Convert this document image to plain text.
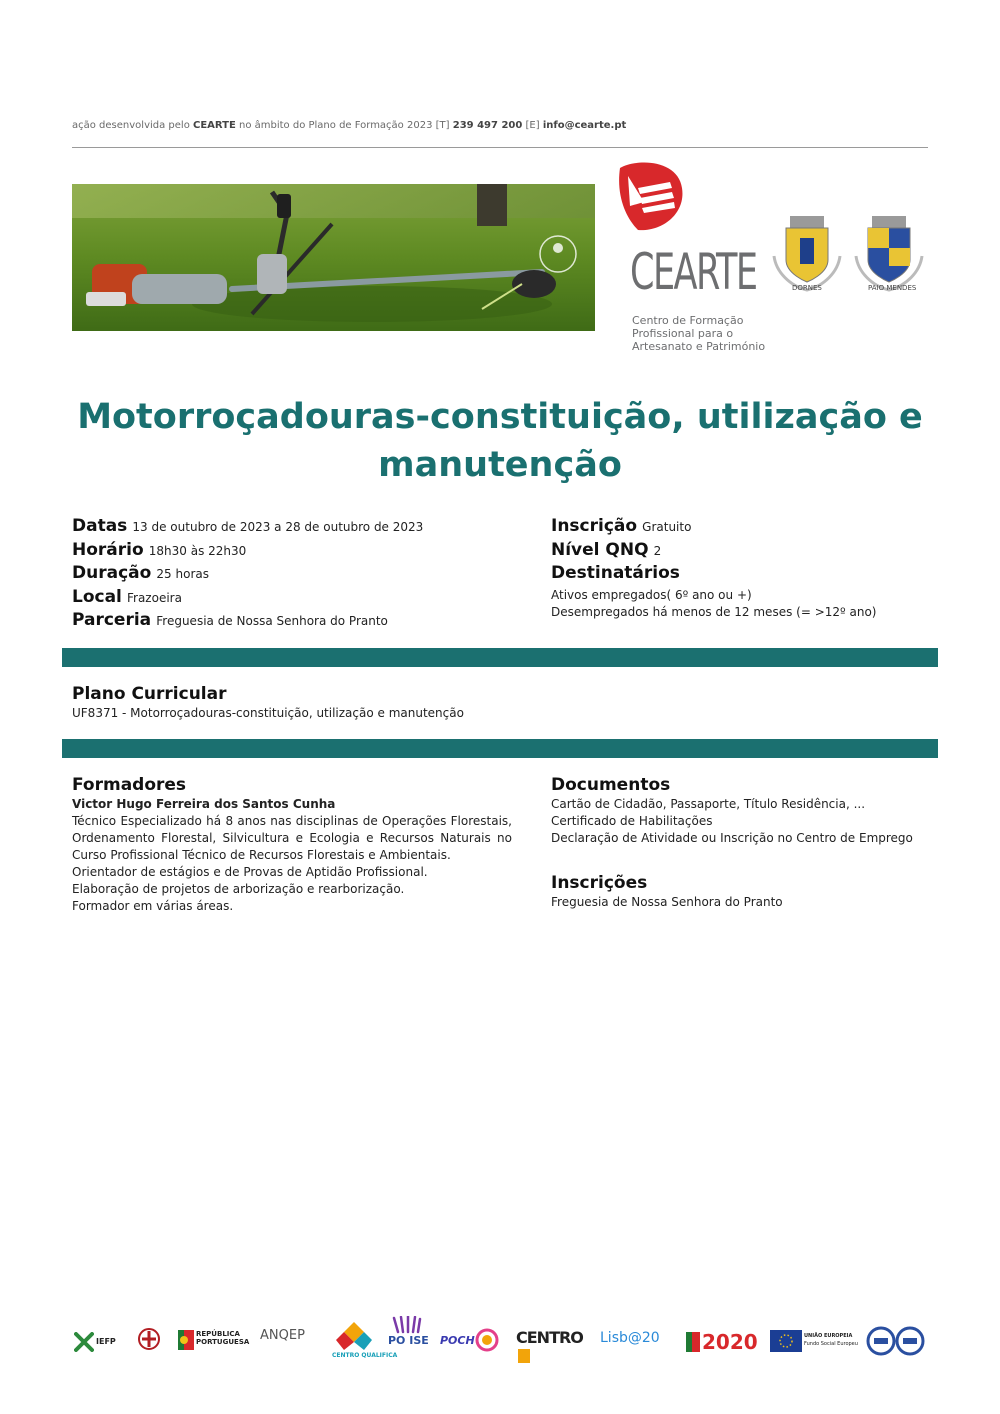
ação desenvolvida pelo CEARTE no âmbito do Plano de Formação 2023 [T] 239 497 200 [E] info@cearte.pt
CEARTE
Centro de Formação
Profissional para o
Artesanato e Património
DORNES	PAIO MENDES
Motorroçadouras-constituição, utilização e
manutenção
Datas 13 de outubro de 2023 a 28 de outubro de 2023
Horário 18h30 às 22h30
Duração 25 horas
Local Frazoeira
Parceria Freguesia de Nossa Senhora do Pranto
Inscrição Gratuito
Nível QNQ 2
Destinatários
Ativos empregados( 6º ano ou +)
Desempregados há menos de 12 meses (= >12º ano)
Plano Curricular
UF8371 - Motorroçadouras-constituição, utilização e manutenção
Formadores
Victor Hugo Ferreira dos Santos Cunha

Técnico Especializado há 8 anos nas disciplinas de Operações Florestais, Ordenamento Florestal, Silvicultura e Ecologia e Recursos Naturais no Curso Profissional Técnico de Recursos Florestais e Ambientais.

Orientador de estágios e de Provas de Aptidão Profissional.

Elaboração de projetos de arborização e rearborização.

Formador em várias áreas.

Documentos

Cartão de Cidadão, Passaporte, Título Residência, ...

Certificado de Habilitações

Declaração de Atividade ou Inscrição no Centro de Emprego

Inscrições
Freguesia de Nossa Senhora do Pranto
IEFP
REPÚBLICA
PORTUGUESA ANQEP
CENTRO QUALIFICA
PO ISE POCH	CENTRO	Lisb@20	2020	UNIÃO EUROPEIA
Fundo Social Europeu
